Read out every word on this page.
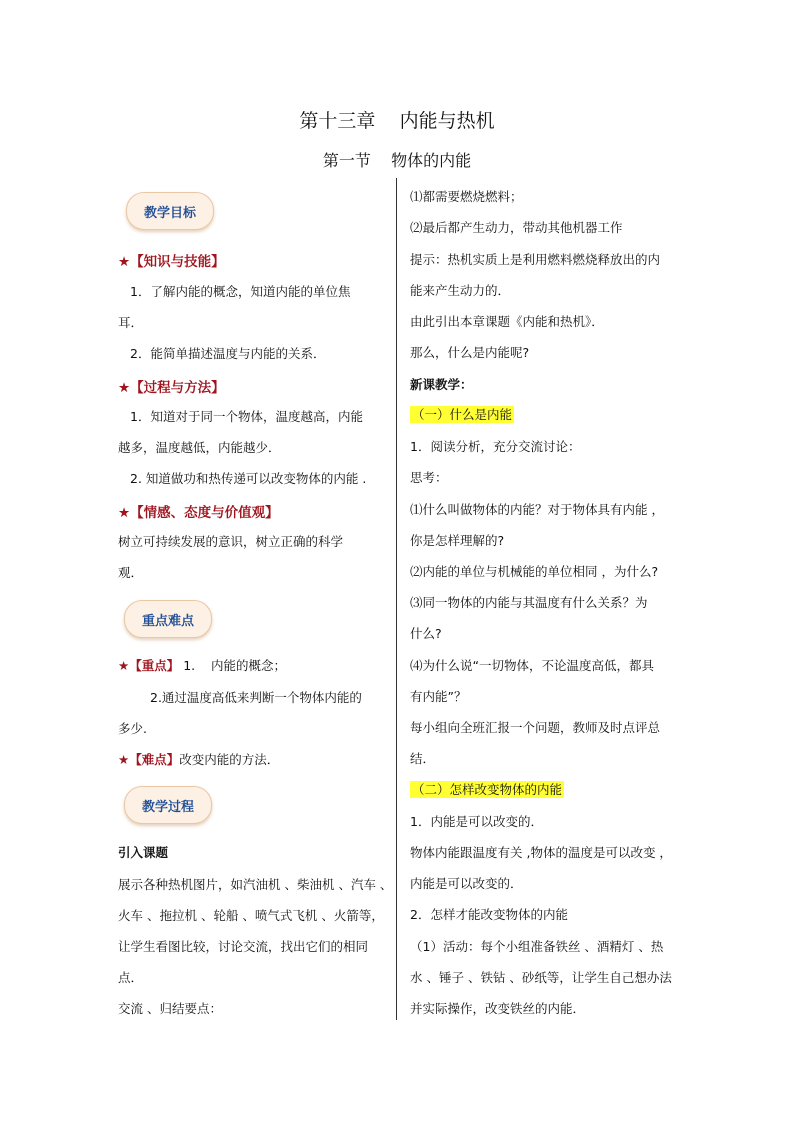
第十三章    内能与热机
第一节    物体的内能
教学目标
★【知识与技能】
1．了解内能的概念，知道内能的单位焦
耳．
2．能简单描述温度与内能的关系．
★【过程与方法】
1．知道对于同一个物体，温度越高，内能
越多，温度越低，内能越少．
2. 知道做功和热传递可以改变物体的内能 .
★【情感、态度与价值观】
树立可持续发展的意识，树立正确的科学
观．
重点难点
★【重点】 1.    内能的概念；
2.通过温度高低来判断一个物体内能的
多少.
★【难点】改变内能的方法．
教学过程
引入课题
展示各种热机图片，如汽油机 、柴油机 、汽车 、
火车 、拖拉机 、轮船 、喷气式飞机 、火箭等，
让学生看图比较，讨论交流，找出它们的相同
点．
交流 、归结要点：
⑴都需要燃烧燃料；
⑵最后都产生动力，带动其他机器工作
提示：热机实质上是利用燃料燃烧释放出的内
能来产生动力的．
由此引出本章课题《内能和热机》．
那么，什么是内能呢?
新课教学：
（一）什么是内能
1．阅读分析，充分交流讨论：
思考：
⑴什么叫做物体的内能？对于物体具有内能 ，
你是怎样理解的?
⑵内能的单位与机械能的单位相同 ，为什么?
⑶同一物体的内能与其温度有什么关系？为
什么?
⑷为什么说“一切物体，不论温度高低，都具
有内能”？
每小组向全班汇报一个问题，教师及时点评总
结．
（二）怎样改变物体的内能
1．内能是可以改变的．
物体内能跟温度有关 ,物体的温度是可以改变 ，
内能是可以改变的．
2．怎样才能改变物体的内能
（1）活动：每个小组准备铁丝 、酒精灯 、热
水 、锤子 、铁钻 、砂纸等，让学生自己想办法
并实际操作，改变铁丝的内能．
